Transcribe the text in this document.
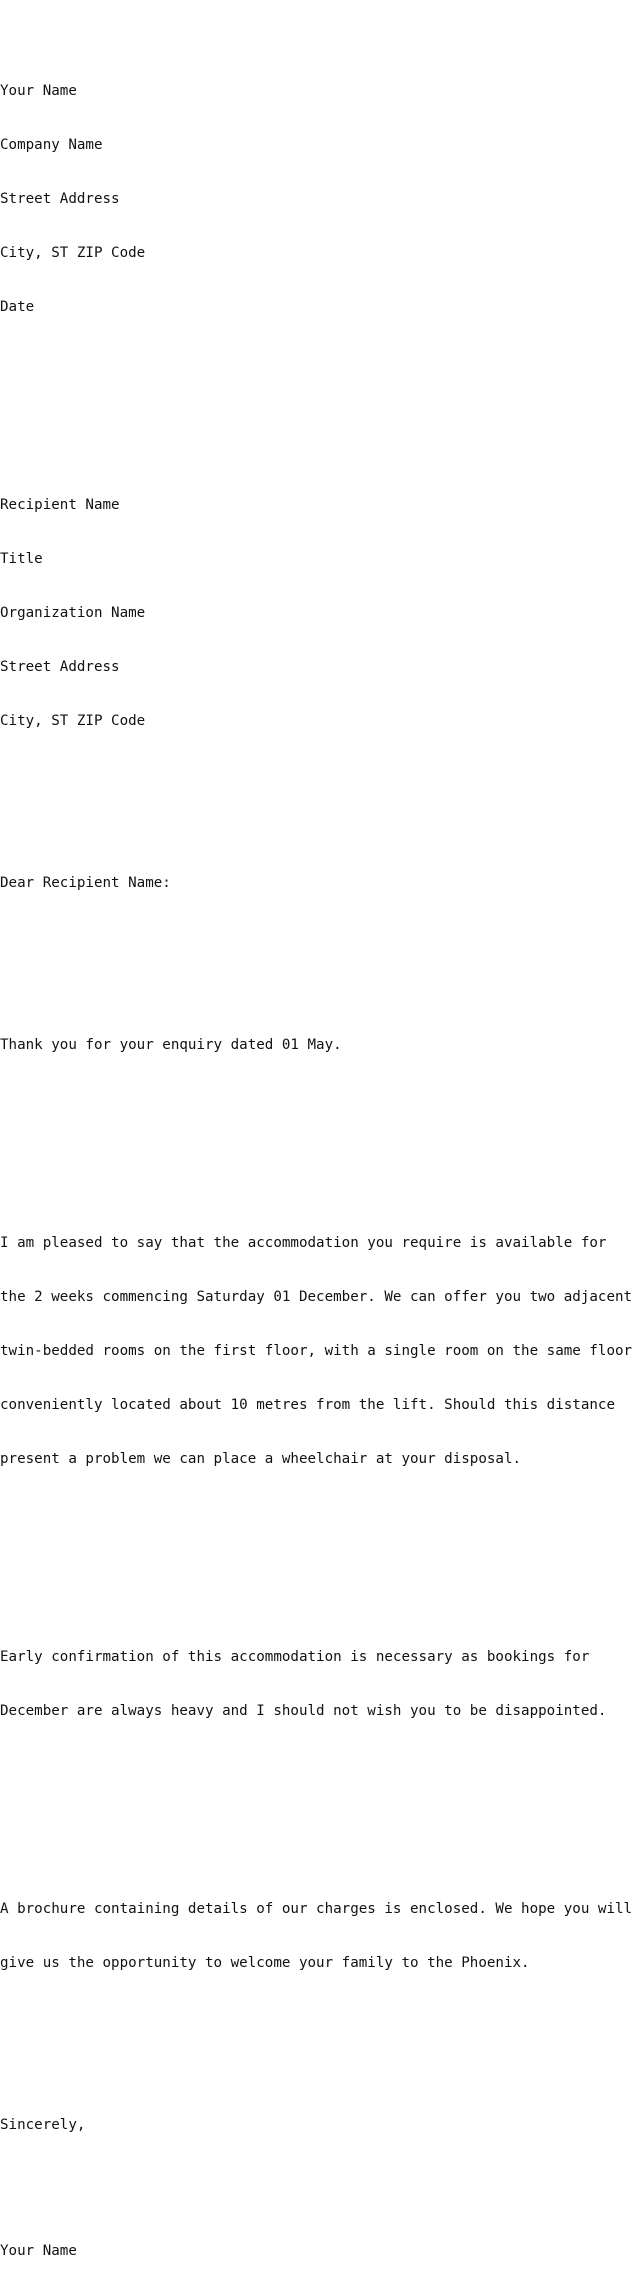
Your Name

Company Name

Street Address

City, ST ZIP Code

Date

Recipient Name

Title

Organization Name

Street Address

City, ST ZIP Code

Dear Recipient Name:

Thank you for your enquiry dated 01 May.

I am pleased to say that the accommodation you require is available for

the 2 weeks commencing Saturday 01 December. We can offer you two adjacent

twin-bedded rooms on the first floor, with a single room on the same floor

conveniently located about 10 metres from the lift. Should this distance

present a problem we can place a wheelchair at your disposal.

Early confirmation of this accommodation is necessary as bookings for

December are always heavy and I should not wish you to be disappointed.

A brochure containing details of our charges is enclosed. We hope you will

give us the opportunity to welcome your family to the Phoenix.

Sincerely,

Your Name
